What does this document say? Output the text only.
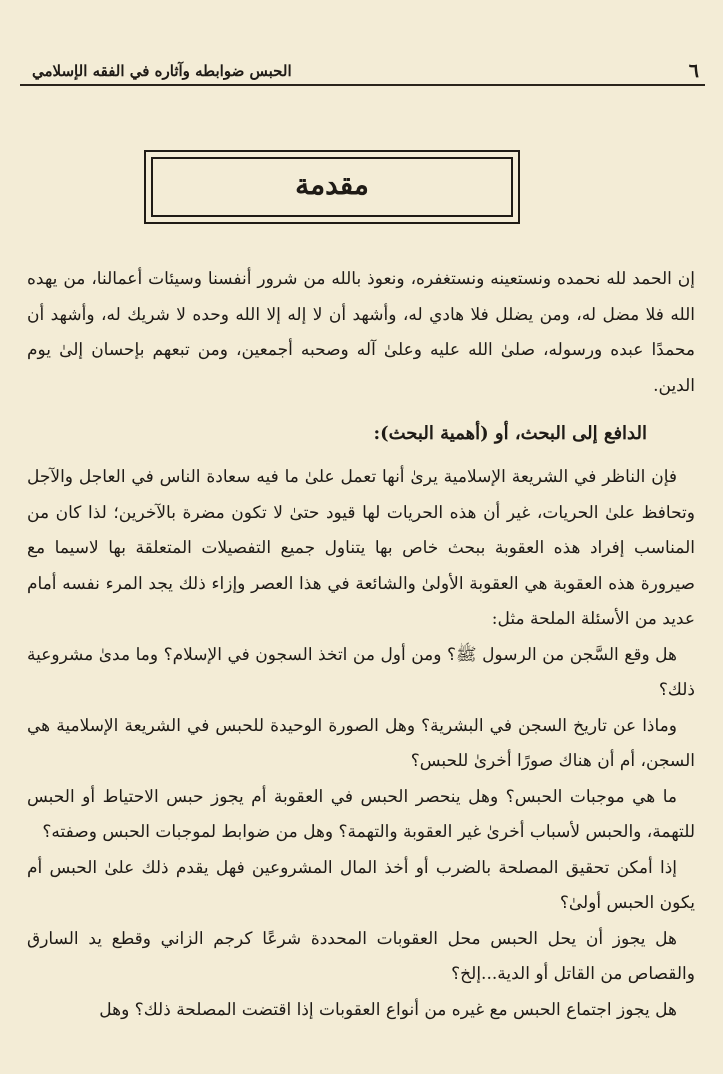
٦
الحبس ضوابطه وآثاره في الفقه الإسلامي
مقدمة

إن الحمد لله نحمده ونستعينه ونستغفره، ونعوذ بالله من شرور أنفسنا وسيئات أعمالنا، من يهده الله فلا مضل له، ومن يضلل فلا هادي له، وأشهد أن لا إله إلا الله وحده لا شريك له، وأشهد أن محمدًا عبده ورسوله، صلىٰ الله عليه وعلىٰ آله وصحبه أجمعين، ومن تبعهم بإحسان إلىٰ يوم الدين.

الدافع إلى البحث، أو (أهمية البحث):

فإن الناظر في الشريعة الإسلامية يرىٰ أنها تعمل علىٰ ما فيه سعادة الناس في العاجل والآجل وتحافظ علىٰ الحريات، غير أن هذه الحريات لها قيود حتىٰ لا تكون مضرة بالآخرين؛ لذا كان من المناسب إفراد هذه العقوبة ببحث خاص بها يتناول جميع التفصيلات المتعلقة بها لاسيما مع صيرورة هذه العقوبة هي العقوبة الأولىٰ والشائعة في هذا العصر وإزاء ذلك يجد المرء نفسه أمام عديد من الأسئلة الملحة مثل:

هل وقع السَّجن من الرسول ﷺ؟ ومن أول من اتخذ السجون في الإسلام؟ وما مدىٰ مشروعية ذلك؟

وماذا عن تاريخ السجن في البشرية؟ وهل الصورة الوحيدة للحبس في الشريعة الإسلامية هي السجن، أم أن هناك صورًا أخرىٰ للحبس؟

ما هي موجبات الحبس؟ وهل ينحصر الحبس في العقوبة أم يجوز حبس الاحتياط أو الحبس للتهمة، والحبس لأسباب أخرىٰ غير العقوبة والتهمة؟ وهل من ضوابط لموجبات الحبس وصفته؟

إذا أمكن تحقيق المصلحة بالضرب أو أخذ المال المشروعين فهل يقدم ذلك علىٰ الحبس أم يكون الحبس أولىٰ؟

هل يجوز أن يحل الحبس محل العقوبات المحددة شرعًا كرجم الزاني وقطع يد السارق والقصاص من القاتل أو الدية...إلخ؟

هل يجوز اجتماع الحبس مع غيره من أنواع العقوبات إذا اقتضت المصلحة ذلك؟ وهل
